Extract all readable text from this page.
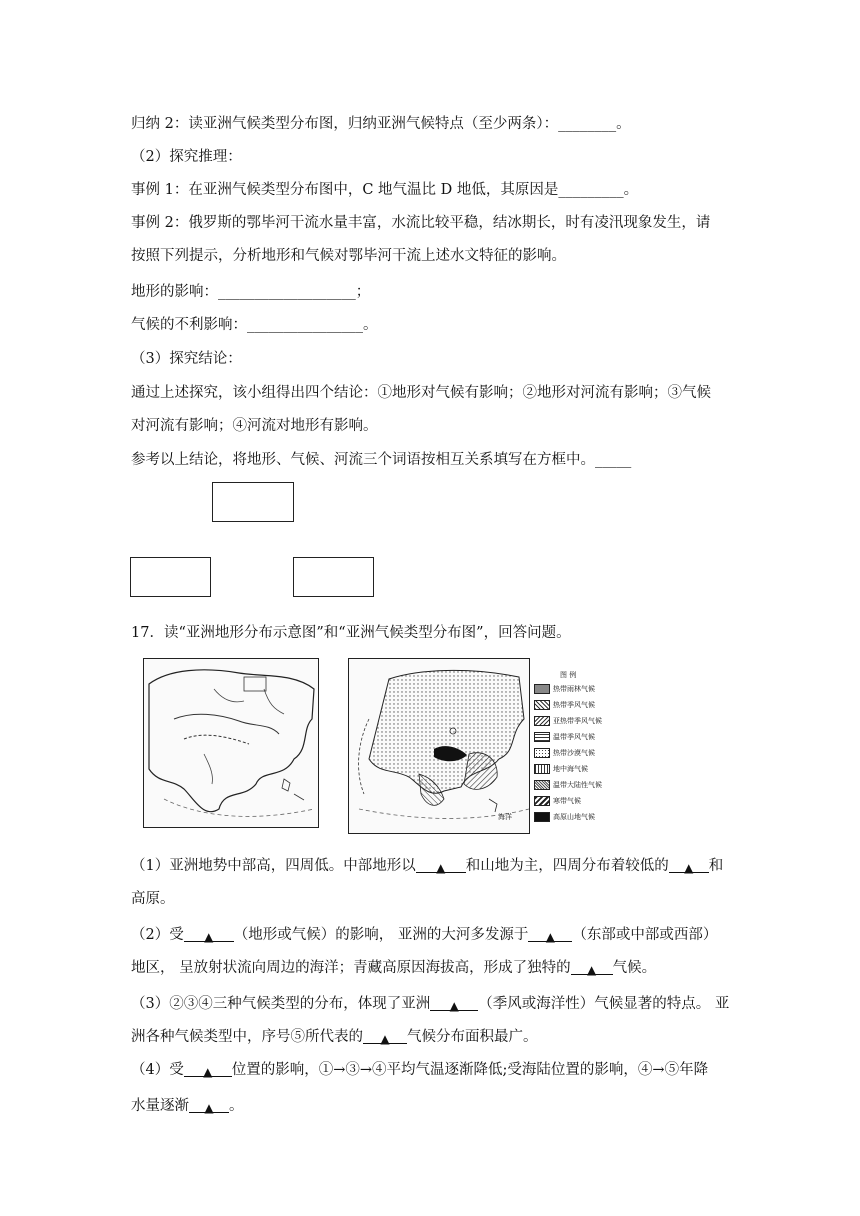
归纳 2：读亚洲气候类型分布图，归纳亚洲气候特点（至少两条）：________。
（2）探究推理：
事例 1：在亚洲气候类型分布图中，C 地气温比 D 地低，其原因是_________。
事例 2：俄罗斯的鄂毕河干流水量丰富，水流比较平稳，结冰期长，时有凌汛现象发生，请
按照下列提示，分析地形和气候对鄂毕河干流上述水文特征的影响。
地形的影响：___________________；
气候的不利影响：________________。
（3）探究结论：
通过上述探究，该小组得出四个结论：①地形对气候有影响；②地形对河流有影响；③气候
对河流有影响；④河流对地形有影响。
参考以上结论，将地形、气候、河流三个词语按相互关系填写在方框中。_____
17．读“亚洲地形分布示意图”和“亚洲气候类型分布图”，回答问题。
图 例
热带雨林气候
热带季风气候
亚热带季风气候
温带季风气候
热带沙漠气候
地中海气候
温带大陆性气候
寒带气候
高原山地气候
海洋
（1）亚洲地势中部高，四周低。中部地形以 ▲ 和山地为主，四周分布着较低的 ▲ 和
高原。
（2）受 ▲ （地形或气候）的影响， 亚洲的大河多发源于 ▲ （东部或中部或西部）
地区， 呈放射状流向周边的海洋；青藏高原因海拔高，形成了独特的 ▲ 气候。
（3）②③④三种气候类型的分布，体现了亚洲 ▲ （季风或海洋性）气候显著的特点。 亚
洲各种气候类型中，序号⑤所代表的 ▲ 气候分布面积最广。
（4）受 ▲ 位置的影响，①→③→④平均气温逐渐降低;受海陆位置的影响，④→⑤年降
水量逐渐 ▲ 。
